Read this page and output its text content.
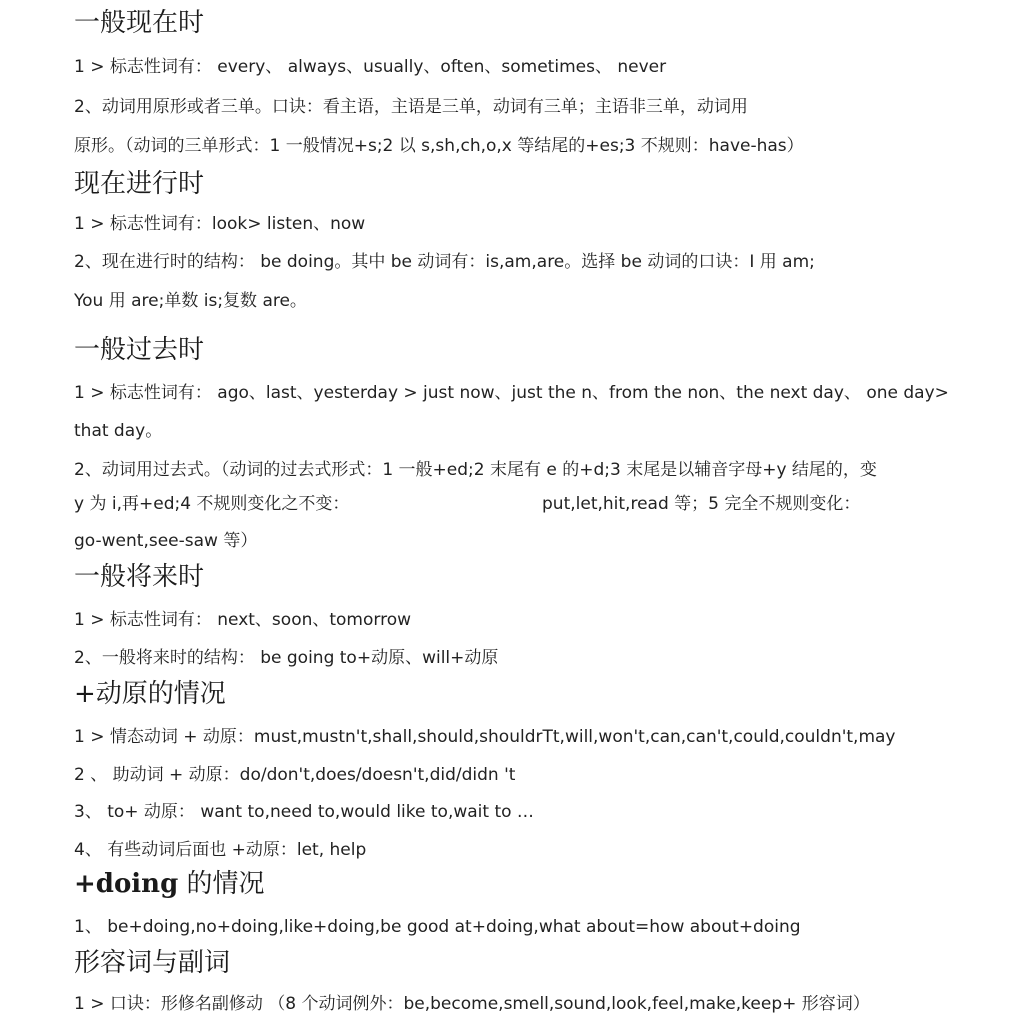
一般现在时
1 > 标志性词有： every、 always、usually、often、sometimes、 never
2、动词用原形或者三单。口诀：看主语，主语是三单，动词有三单；主语非三单，动词用
原形。（动词的三单形式：1 一般情况+s;2 以 s,sh,ch,o,x 等结尾的+es;3 不规则：have-has）
现在进行时
1 > 标志性词有：look> listen、now
2、现在进行时的结构： be doing。其中 be 动词有：is,am,are。选择 be 动词的口诀：I 用 am;
You 用 are;单数 is;复数 are。
一般过去时
1 > 标志性词有： ago、last、yesterday > just now、just the n、from the non、the next day、 one day>
that day。
2、动词用过去式。（动词的过去式形式：1 一般+ed;2 末尾有 e 的+d;3 末尾是以辅音字母+y 结尾的，变
y 为 i,再+ed;4 不规则变化之不变：	put,let,hit,read 等；5 完全不规则变化：
go-went,see-saw 等）
一般将来时
1 > 标志性词有： next、soon、tomorrow
2、一般将来时的结构： be going to+动原、will+动原
+动原的情况
1 > 情态动词 + 动原：must,mustn't,shall,should,shouldrTt,will,won't,can,can't,could,couldn't,may
2 、 助动词 + 动原：do/don't,does/doesn't,did/didn 't
3、 to+ 动原： want to,need to,would like to,wait to …
4、 有些动词后面也 +动原：let, help
+doing 的情况
1、 be+doing,no+doing,like+doing,be good at+doing,what about=how about+doing
形容词与副词
1 > 口诀：形修名副修动 （8 个动词例外：be,become,smell,sound,look,feel,make,keep+ 形容词）
